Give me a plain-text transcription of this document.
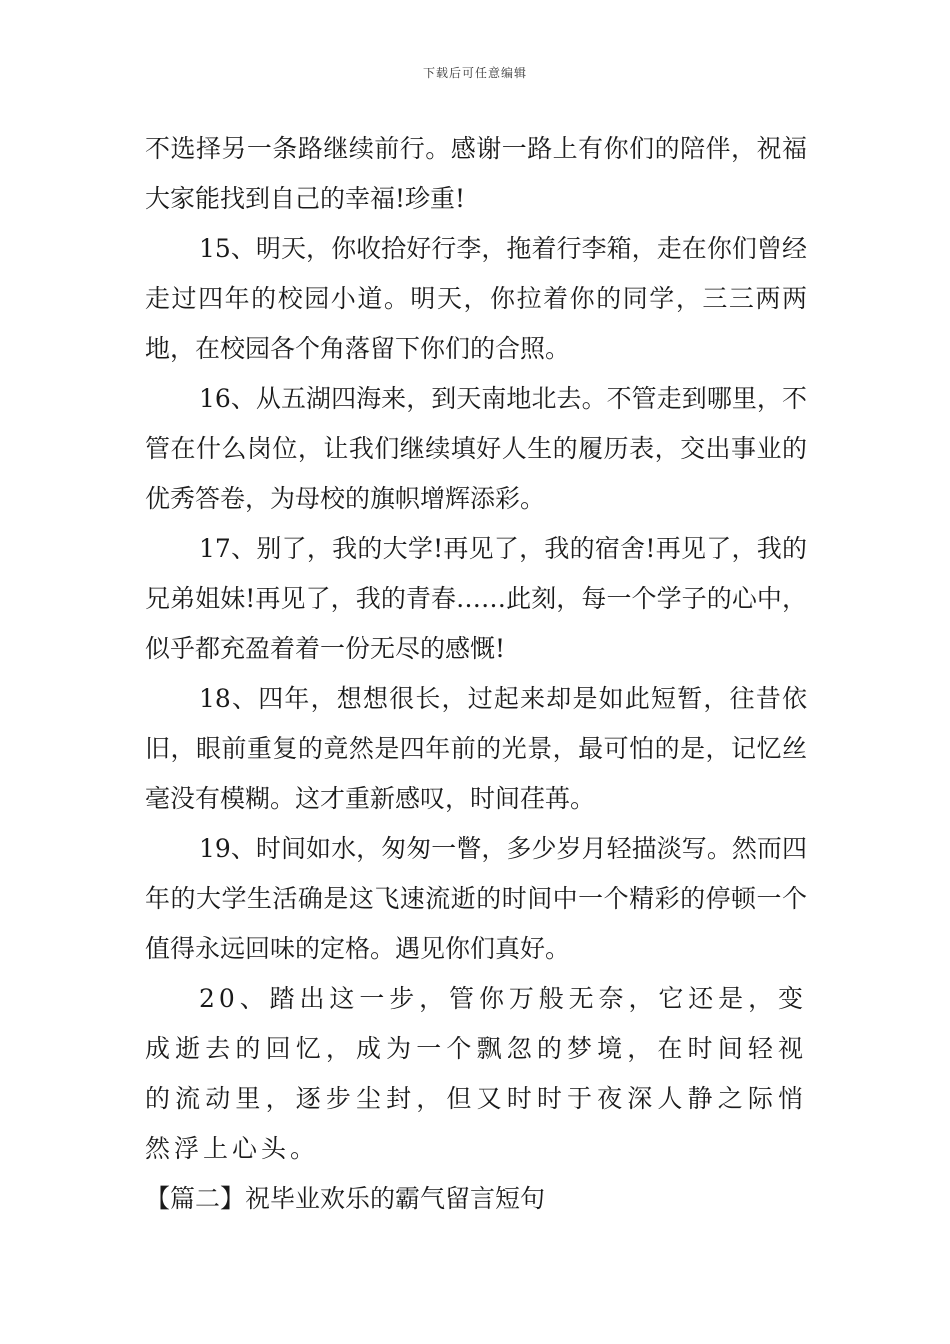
下载后可任意编辑

不选择另一条路继续前行。感谢一路上有你们的陪伴，祝福大家能找到自己的幸福!珍重!

15、明天，你收拾好行李，拖着行李箱，走在你们曾经走过四年的校园小道。明天，你拉着你的同学，三三两两地，在校园各个角落留下你们的合照。

16、从五湖四海来，到天南地北去。不管走到哪里，不管在什么岗位，让我们继续填好人生的履历表，交出事业的优秀答卷，为母校的旗帜增辉添彩。

17、别了，我的大学!再见了，我的宿舍!再见了，我的兄弟姐妹!再见了，我的青春……此刻，每一个学子的心中，似乎都充盈着着一份无尽的感慨!

18、四年，想想很长，过起来却是如此短暂，往昔依旧，眼前重复的竟然是四年前的光景，最可怕的是，记忆丝毫没有模糊。这才重新感叹，时间荏苒。

19、时间如水，匆匆一瞥，多少岁月轻描淡写。然而四年的大学生活确是这飞速流逝的时间中一个精彩的停顿一个值得永远回味的定格。遇见你们真好。

20、踏出这一步，管你万般无奈，它还是，变成逝去的回忆，成为一个飘忽的梦境，在时间轻视的流动里，逐步尘封，但又时时于夜深人静之际悄然浮上心头。

【篇二】祝毕业欢乐的霸气留言短句
